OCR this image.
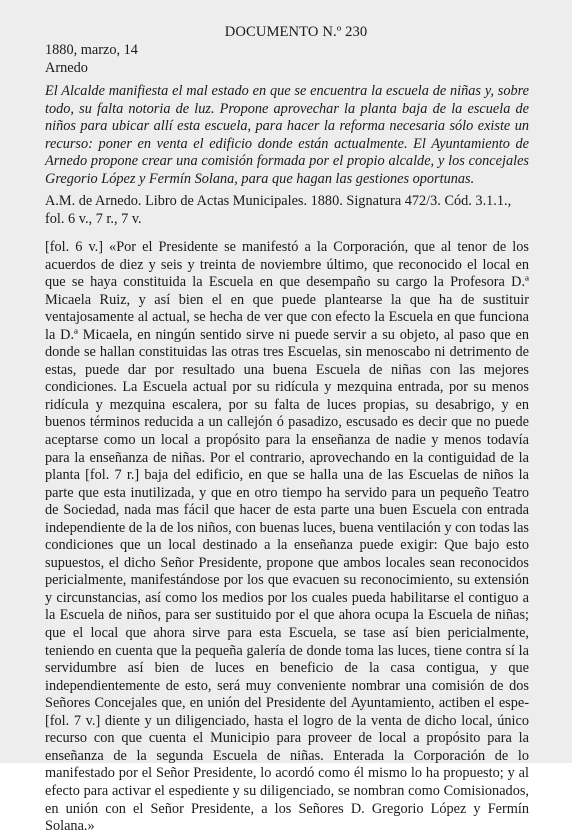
DOCUMENTO N.º 230
1880, marzo, 14
Arnedo

El Alcalde manifiesta el mal estado en que se encuentra la escuela de niñas y, sobre todo, su falta notoria de luz. Propone aprovechar la planta baja de la escuela de niños para ubicar allí esta escuela, para hacer la reforma necesaria sólo existe un recurso: poner en venta el edificio donde están actualmente. El Ayuntamiento de Arnedo propone crear una comisión formada por el propio alcalde, y los concejales Gregorio López y Fermín Solana, para que hagan las gestiones oportunas.

A.M. de Arnedo. Libro de Actas Municipales. 1880. Signatura 472/3. Cód. 3.1.1., fol. 6 v., 7 r., 7 v.

[fol. 6 v.] «Por el Presidente se manifestó a la Corporación, que al tenor de los acuerdos de diez y seis y treinta de noviembre último, que reconocido el local en que se haya constituida la Escuela en que desempaño su cargo la Profesora D.ª Micaela Ruiz, y así bien el en que puede plantearse la que ha de sustituir ventajosamente al actual, se hecha de ver que con efecto la Escuela en que funciona la D.ª Micaela, en ningún sentido sirve ni puede servir a su objeto, al paso que en donde se hallan constituidas las otras tres Escuelas, sin menoscabo ni detrimento de estas, puede dar por resultado una buena Escuela de niñas con las mejores condiciones. La Escuela actual por su ridícula y mezquina entrada, por su menos ridícula y mezquina escalera, por su falta de luces propias, su desabrigo, y en buenos términos reducida a un callejón ó pasadizo, escusado es decir que no puede aceptarse como un local a propósito para la enseñanza de nadie y menos todavía para la enseñanza de niñas. Por el contrario, aprovechando en la contiguidad de la planta [fol. 7 r.] baja del edificio, en que se halla una de las Escuelas de niños la parte que esta inutilizada, y que en otro tiempo ha servido para un pequeño Teatro de Sociedad, nada mas fácil que hacer de esta parte una buen Escuela con entrada independiente de la de los niños, con buenas luces, buena ventilación y con todas las condiciones que un local destinado a la enseñanza puede exigir: Que bajo esto supuestos, el dicho Señor Presidente, propone que ambos locales sean reconocidos pericialmente, manifestándose por los que evacuen su reconocimiento, su extensión y circunstancias, así como los medios por los cuales pueda habilitarse el contiguo a la Escuela de niños, para ser sustituido por el que ahora ocupa la Escuela de niñas; que el local que ahora sirve para esta Escuela, se tase así bien pericialmente, teniendo en cuenta que la pequeña galería de donde toma las luces, tiene contra sí la servidumbre así bien de luces en beneficio de la casa contigua, y que independientemente de esto, será muy conveniente nombrar una comisión de dos Señores Concejales que, en unión del Presidente del Ayuntamiento, actiben el espe- [fol. 7 v.] diente y un diligenciado, hasta el logro de la venta de dicho local, único recurso con que cuenta el Municipio para proveer de local a propósito para la enseñanza de la segunda Escuela de niñas. Enterada la Corporación de lo manifestado por el Señor Presidente, lo acordó como él mismo lo ha propuesto; y al efecto para activar el espediente y su diligenciado, se nombran como Comisionados, en unión con el Señor Presidente, a los Señores D. Gregorio López y Fermín Solana.»
